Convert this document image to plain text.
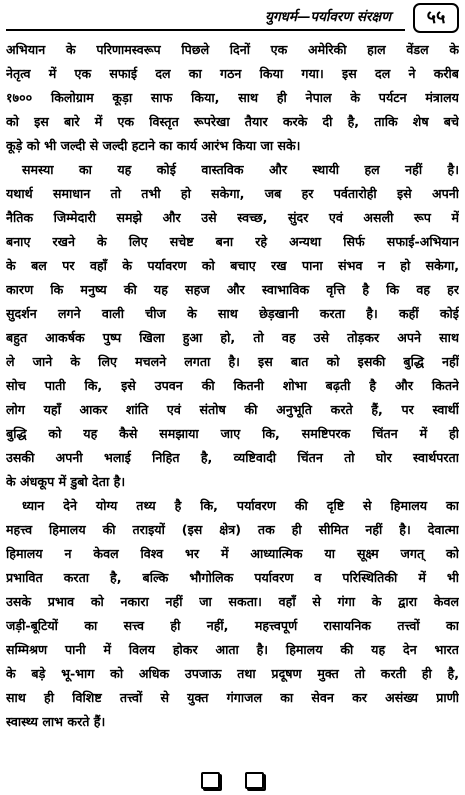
युगधर्म—पर्यावरण संरक्षण	५५
अभियान के परिणामस्वरूप पिछले दिनों एक अमेरिकी हाल वेंडल के
नेतृत्व में एक सफाई दल का गठन किया गया। इस दल ने करीब
१७०० किलोग्राम कूड़ा साफ किया, साथ ही नेपाल के पर्यटन मंत्रालय
को इस बारे में एक विस्तृत रूपरेखा तैयार करके दी है, ताकि शेष बचे
कूड़े को भी जल्दी से जल्दी हटाने का कार्य आरंभ किया जा सके।
समस्या का यह कोई वास्तविक और स्थायी हल नहीं है।
यथार्थ समाधान तो तभी हो सकेगा, जब हर पर्वतारोही इसे अपनी
नैतिक जिम्मेदारी समझे और उसे स्वच्छ, सुंदर एवं असली रूप में
बनाए रखने के लिए सचेष्ट बना रहे अन्यथा सिर्फ सफाई-अभियान
के बल पर वहाँ के पर्यावरण को बचाए रख पाना संभव न हो सकेगा,
कारण कि मनुष्य की यह सहज और स्वाभाविक वृत्ति है कि वह हर
सुदर्शन लगने वाली चीज के साथ छेड़खानी करता है। कहीं कोई
बहुत आकर्षक पुष्प खिला हुआ हो, तो वह उसे तोड़कर अपने साथ
ले जाने के लिए मचलने लगता है। इस बात को इसकी बुद्धि नहीं
सोच पाती कि, इसे उपवन की कितनी शोभा बढ़ती है और कितने
लोग यहाँ आकर शांति एवं संतोष की अनुभूति करते हैं, पर स्वार्थी
बुद्धि को यह कैसे समझाया जाए कि, समष्टिपरक चिंतन में ही
उसकी अपनी भलाई निहित है, व्यष्टिवादी चिंतन तो घोर स्वार्थपरता
के अंधकूप में डुबो देता है।
ध्यान देने योग्य तथ्य है कि, पर्यावरण की दृष्टि से हिमालय का
महत्त्व हिमालय की तराइयों (इस क्षेत्र) तक ही सीमित नहीं है। देवात्मा
हिमालय न केवल विश्व भर में आध्यात्मिक या सूक्ष्म जगत् को
प्रभावित करता है, बल्कि भौगोलिक पर्यावरण व परिस्थितिकी में भी
उसके प्रभाव को नकारा नहीं जा सकता। वहाँ से गंगा के द्वारा केवल
जड़ी-बूटियों का सत्त्व ही नहीं, महत्त्वपूर्ण रासायनिक तत्त्वों का
सम्मिश्रण पानी में विलय होकर आता है। हिमालय की यह देन भारत
के बड़े भू-भाग को अधिक उपजाऊ तथा प्रदूषण मुक्त तो करती ही है,
साथ ही विशिष्ट तत्त्वों से युक्त गंगाजल का सेवन कर असंख्य प्राणी
स्वास्थ्य लाभ करते हैं।
